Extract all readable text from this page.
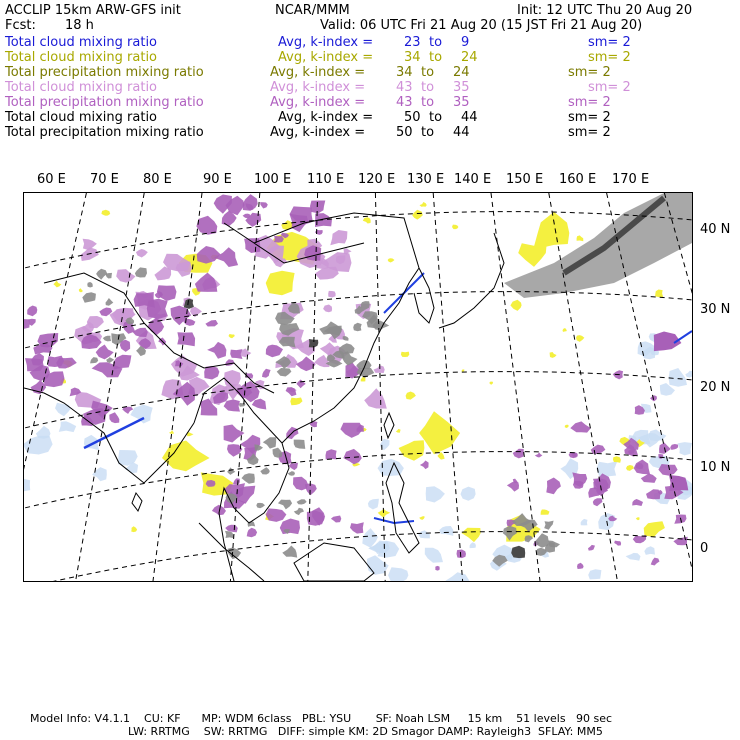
ACCLIP 15km ARW-GFS init	NCAR/MMM	Init: 12 UTC Thu 20 Aug 20
Fcst: 18 h	Valid: 06 UTC Fri 21 Aug 20 (15 JST Fri 21 Aug 20)
Total cloud mixing ratio	Avg, k-index = 23 to 9	sm= 2
Total cloud mixing ratio	Avg, k-index = 34 to 24	sm= 2
Total precipitation mixing ratio	Avg, k-index = 34 to 24	sm= 2
Total cloud mixing ratio	Avg, k-index = 43 to 35	sm= 2
Total precipitation mixing ratio	Avg, k-index = 43 to 35	sm= 2
Total cloud mixing ratio	Avg, k-index = 50 to 44	sm= 2
Total precipitation mixing ratio	Avg, k-index = 50 to 44	sm= 2
60 E 70 E 80 E 90 E 100 E 110 E 120 E 130 E 140 E 150 E 160 E 170 E
40 N
30 N
20 N
10 N
0
Model Info: V4.1.1    CU: KF      MP: WDM 6class   PBL: YSU       SF: Noah LSM     15 km    51 levels   90 sec
LW: RRTMG    SW: RRTMG   DIFF: simple KM: 2D Smagor DAMP: Rayleigh3  SFLAY: MM5
